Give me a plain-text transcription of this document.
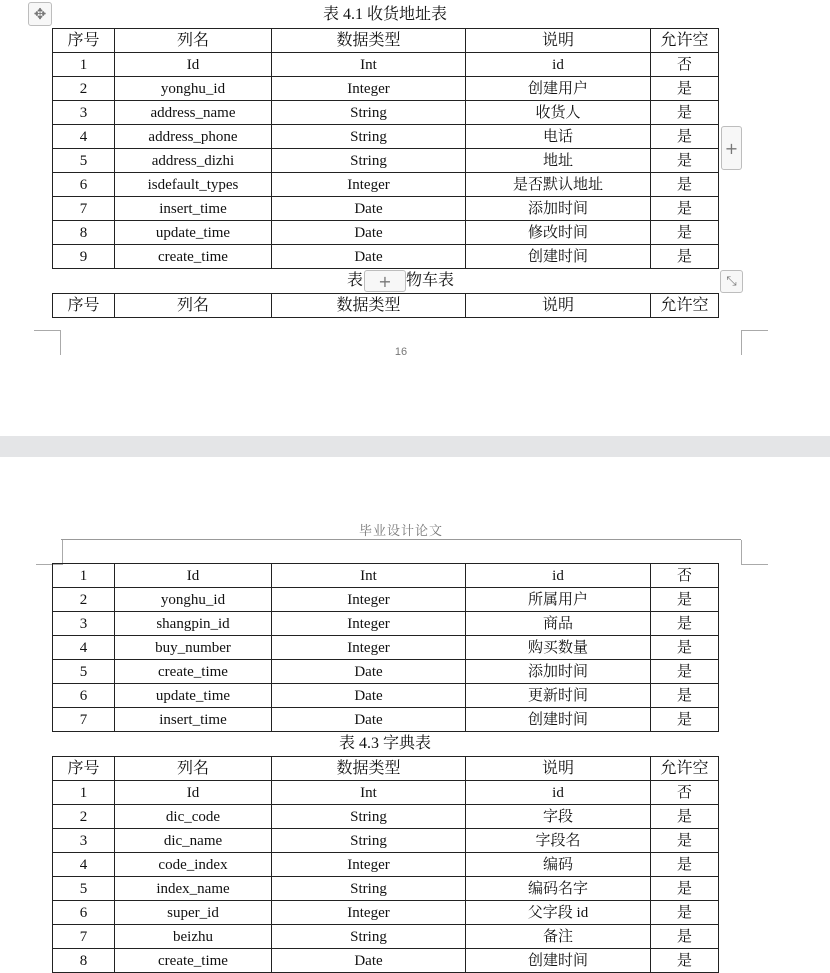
✥	表 4.1 收货地址表
序号	列名	数据类型	说明	允许空
1	Id	Int	id	否
2	yonghu_id	Integer	创建用户	是
3	address_name	String	收货人	是
4	address_phone	String	电话	是
5	address_dizhi	String	地址	是
6	isdefault_types	Integer	是否默认地址	是
7	insert_time	Date	添加时间	是
8	update_time	Date	修改时间	是
9	create_time	Date	创建时间	是
+
表	物车表
+	⤡
序号	列名	数据类型	说明	允许空
16
毕业设计论文
1	Id	Int	id	否
2	yonghu_id	Integer	所属用户	是
3	shangpin_id	Integer	商品	是
4	buy_number	Integer	购买数量	是
5	create_time	Date	添加时间	是
6	update_time	Date	更新时间	是
7	insert_time	Date	创建时间	是
表 4.3 字典表
序号	列名	数据类型	说明	允许空
1	Id	Int	id	否
2	dic_code	String	字段	是
3	dic_name	String	字段名	是
4	code_index	Integer	编码	是
5	index_name	String	编码名字	是
6	super_id	Integer	父字段 id	是
7	beizhu	String	备注	是
8	create_time	Date	创建时间	是
